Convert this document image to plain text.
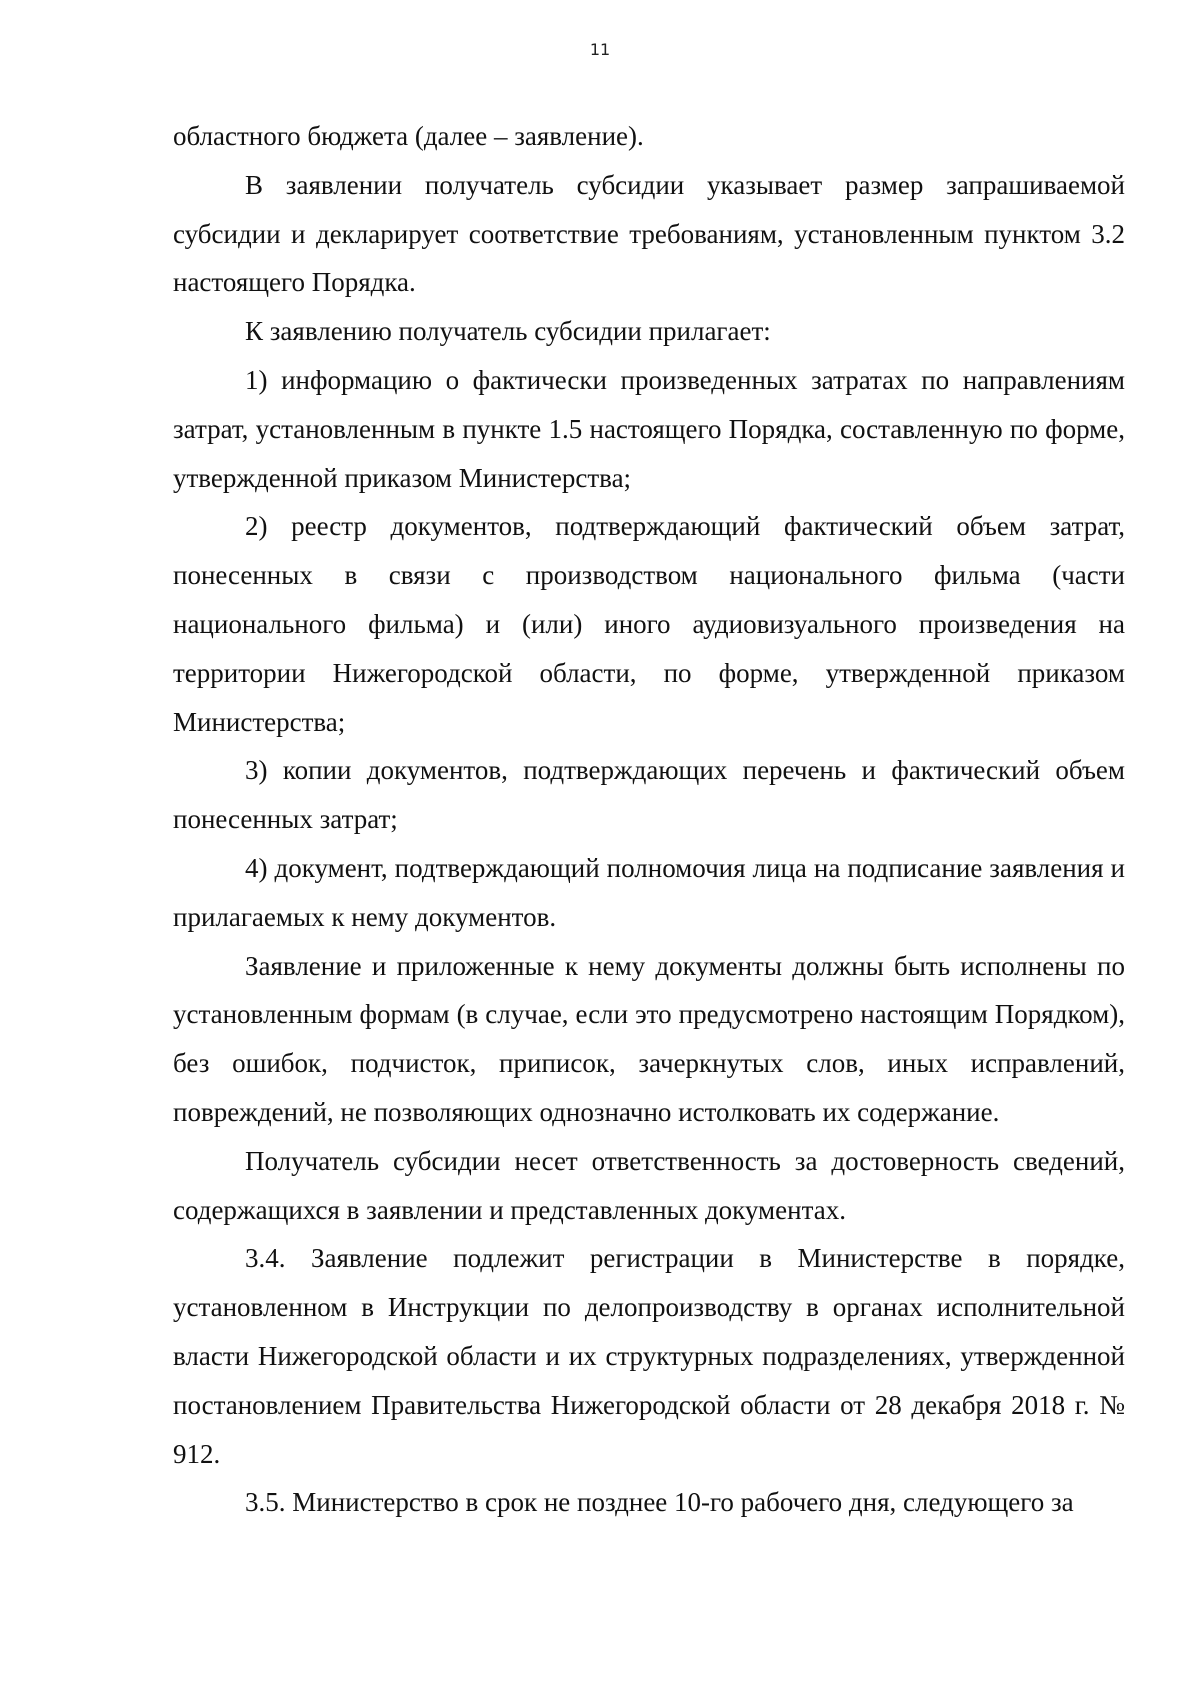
11

областного бюджета (далее – заявление).

В заявлении получатель субсидии указывает размер запрашиваемой субсидии и декларирует соответствие требованиям, установленным пунктом 3.2 настоящего Порядка.

К заявлению получатель субсидии прилагает:

1) информацию о фактически произведенных затратах по направлениям затрат, установленным в пункте 1.5 настоящего Порядка, составленную по форме, утвержденной приказом Министерства;

2) реестр документов, подтверждающий фактический объем затрат, понесенных в связи с производством национального фильма (части национального фильма) и (или) иного аудиовизуального произведения на территории Нижегородской области, по форме, утвержденной приказом Министерства;

3) копии документов, подтверждающих перечень и фактический объем понесенных затрат;

4) документ, подтверждающий полномочия лица на подписание заявления и прилагаемых к нему документов.

Заявление и приложенные к нему документы должны быть исполнены по установленным формам (в случае, если это предусмотрено настоящим Порядком), без ошибок, подчисток, приписок, зачеркнутых слов, иных исправлений, повреждений, не позволяющих однозначно истолковать их содержание.

Получатель субсидии несет ответственность за достоверность сведений, содержащихся в заявлении и представленных документах.

3.4. Заявление подлежит регистрации в Министерстве в порядке, установленном в Инструкции по делопроизводству в органах исполнительной власти Нижегородской области и их структурных подразделениях, утвержденной постановлением Правительства Нижегородской области от 28 декабря 2018 г. № 912.

3.5. Министерство в срок не позднее 10-го рабочего дня, следующего за
